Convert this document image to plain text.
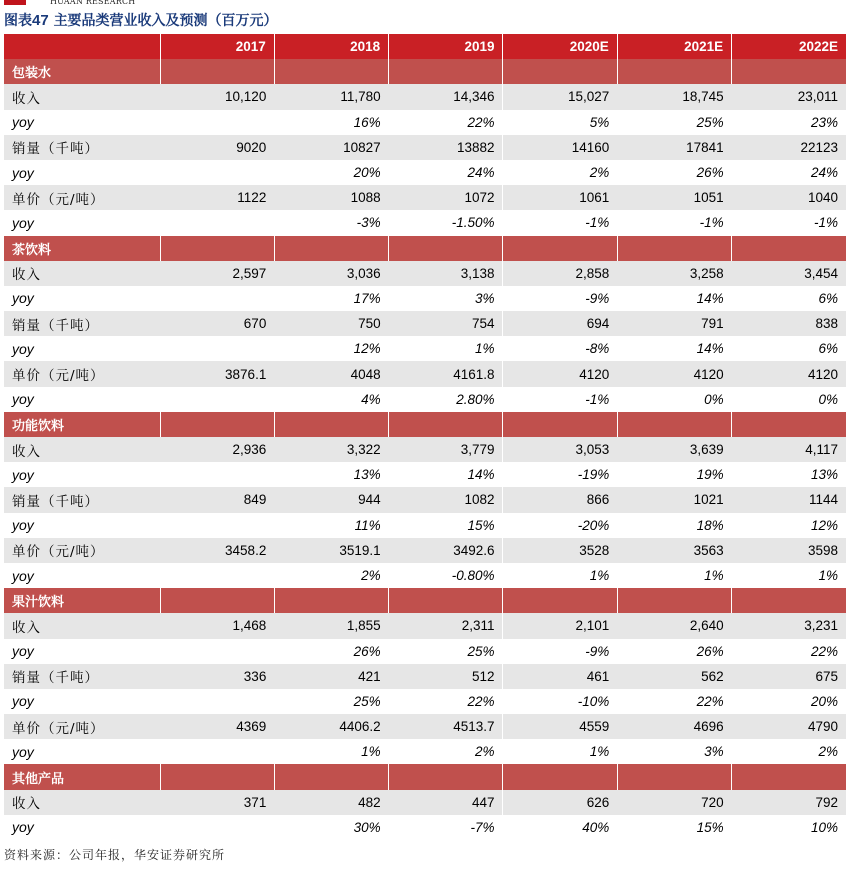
HUAAN RESEARCH
图表47 主要品类营业收入及预测（百万元）
	2017	2018	2019	2020E	2021E	2022E
包装水						
收入	10,120	11,780	14,346	15,027	18,745	23,011
yoy		16%	22%	5%	25%	23%
销量（千吨）	9020	10827	13882	14160	17841	22123
yoy		20%	24%	2%	26%	24%
单价（元/吨）	1122	1088	1072	1061	1051	1040
yoy		-3%	-1.50%	-1%	-1%	-1%
茶饮料						
收入	2,597	3,036	3,138	2,858	3,258	3,454
yoy		17%	3%	-9%	14%	6%
销量（千吨）	670	750	754	694	791	838
yoy		12%	1%	-8%	14%	6%
单价（元/吨）	3876.1	4048	4161.8	4120	4120	4120
yoy		4%	2.80%	-1%	0%	0%
功能饮料						
收入	2,936	3,322	3,779	3,053	3,639	4,117
yoy		13%	14%	-19%	19%	13%
销量（千吨）	849	944	1082	866	1021	1144
yoy		11%	15%	-20%	18%	12%
单价（元/吨）	3458.2	3519.1	3492.6	3528	3563	3598
yoy		2%	-0.80%	1%	1%	1%
果汁饮料						
收入	1,468	1,855	2,311	2,101	2,640	3,231
yoy		26%	25%	-9%	26%	22%
销量（千吨）	336	421	512	461	562	675
yoy		25%	22%	-10%	22%	20%
单价（元/吨）	4369	4406.2	4513.7	4559	4696	4790
yoy		1%	2%	1%	3%	2%
其他产品						
收入	371	482	447	626	720	792
yoy		30%	-7%	40%	15%	10%
资料来源：公司年报，华安证券研究所
